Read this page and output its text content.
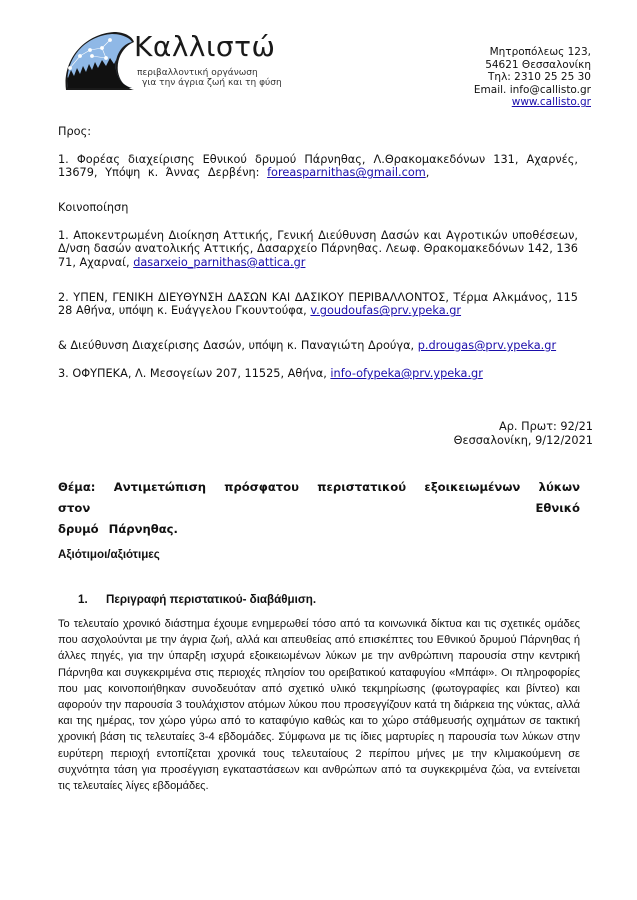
Καλλιστώ
περιβαλλοντική οργάνωση
για την άγρια ζωή και τη φύση
Μητροπόλεως 123,
54621 Θεσσαλονίκη
Τηλ: 2310 25 25 30
Email. info@callisto.gr
www.callisto.gr
Προς:
1. Φορέας διαχείρισης Εθνικού δρυμού Πάρνηθας, Λ.Θρακομακεδόνων 131, Αχαρνές, 13679, Υπόψη κ. Άννας Δερβένη: foreasparnithas@gmail.com,
Κοινοποίηση
1. Αποκεντρωμένη Διοίκηση Αττικής, Γενική Διεύθυνση Δασών και Αγροτικών υποθέσεων, Δ/νση δασών ανατολικής Αττικής, Δασαρχείο Πάρνηθας. Λεωφ. Θρακομακεδόνων 142, 136 71, Αχαρναί, dasarxeio_parnithas@attica.gr
2. ΥΠΕΝ, ΓΕΝΙΚΗ ΔΙΕΥΘΥΝΣΗ ΔΑΣΩΝ ΚΑΙ ΔΑΣΙΚΟΥ ΠΕΡΙΒΑΛΛΟΝΤΟΣ, Τέρμα Αλκμάνος, 115 28 Αθήνα, υπόψη κ. Ευάγγελου Γκουντούφα, v.goudoufas@prv.ypeka.gr
& Διεύθυνση Διαχείρισης Δασών, υπόψη κ. Παναγιώτη Δρούγα, p.drougas@prv.ypeka.gr
3. ΟΦΥΠΕΚΑ, Λ. Μεσογείων 207, 11525, Αθήνα, info-ofypeka@prv.ypeka.gr
Αρ. Πρωτ: 92/21
Θεσσαλονίκη, 9/12/2021
Θέμα: Αντιμετώπιση πρόσφατου περιστατικού εξοικειωμένων λύκων στον Εθνικό
δρυμό Πάρνηθας.
Αξιότιμοι/αξιότιμες
1. Περιγραφή περιστατικού- διαβάθμιση.
Το τελευταίο χρονικό διάστημα έχουμε ενημερωθεί τόσο από τα κοινωνικά δίκτυα και τις σχετικές ομάδες που ασχολούνται με την άγρια ζωή, αλλά και απευθείας από επισκέπτες του Εθνικού δρυμού Πάρνηθας ή άλλες πηγές, για την ύπαρξη ισχυρά εξοικειωμένων λύκων με την ανθρώπινη παρουσία στην κεντρική Πάρνηθα και συγκεκριμένα στις περιοχές πλησίον του ορειβατικού καταφυγίου «Μπάφι». Οι πληροφορίες που μας κοινοποιήθηκαν συνοδευόταν από σχετικό υλικό τεκμηρίωσης (φωτογραφίες και βίντεο) και αφορούν την παρουσία 3 τουλάχιστον ατόμων λύκου που προσεγγίζουν κατά τη διάρκεια της νύκτας, αλλά και της ημέρας, τον χώρο γύρω από το καταφύγιο καθώς και το χώρο στάθμευσής οχημάτων σε τακτική χρονική βάση τις τελευταίες 3-4 εβδομάδες. Σύμφωνα με τις ίδιες μαρτυρίες η παρουσία των λύκων στην ευρύτερη περιοχή εντοπίζεται χρονικά τους τελευταίους 2 περίπου μήνες με την κλιμακούμενη σε συχνότητα τάση για προσέγγιση εγκαταστάσεων και ανθρώπων από τα συγκεκριμένα ζώα, να εντείνεται τις τελευταίες λίγες εβδομάδες.
